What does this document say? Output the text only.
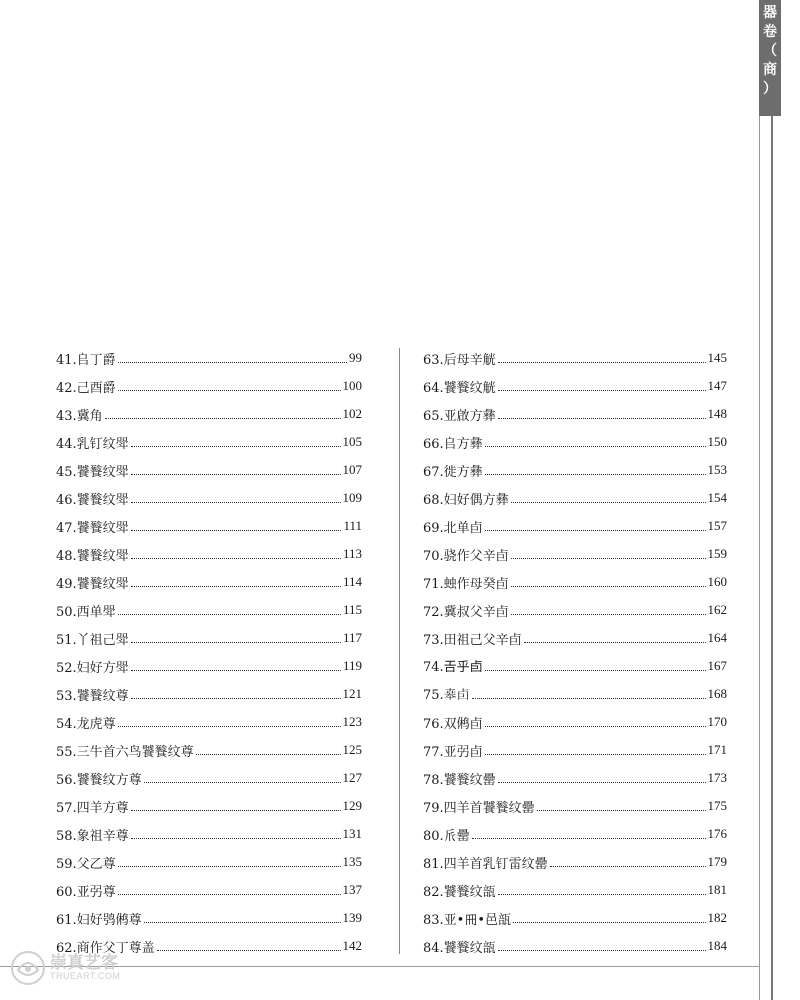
器
卷
（
商
）
41.𠂤丁爵	99
42.己酉爵	100
43.冀角	102
44.乳钉纹斝	105
45.饕餮纹斝	107
46.饕餮纹斝	109
47.饕餮纹斝	111
48.饕餮纹斝	113
49.饕餮纹斝	114
50.西单斝	115
51.丫祖己斝	117
52.妇好方斝	119
53.饕餮纹尊	121
54.龙虎尊	123
55.三牛首六鸟饕餮纹尊	125
56.饕餮纹方尊	127
57.四羊方尊	129
58.象祖辛尊	131
59.父乙尊	135
60.亚弜尊	137
61.妇好鸮鸺尊	139
62.商作父丁尊盖	142
63.后母辛觥	145
64.饕餮纹觥	147
65.亚啟方彝	148
66.𠂤方彝	150
67.徙方彝	153
68.妇好偶方彝	154
69.北单卣	157
70.骁作父辛卣	159
71.䖵作母癸卣	160
72.冀叔父辛卣	162
73.田祖己父辛卣	164
74.𢀛乎卣	167
75.𠦪卣	168
76.双鸺卣	170
77.亚弜卣	171
78.饕餮纹罍	173
79.四羊首饕餮纹罍	175
80.𠂢罍	176
81.四羊首乳钉雷纹罍	179
82.饕餮纹瓿	181
83.亚•𠕁•邑瓿	182
84.饕餮纹瓿	184
崇真艺客
TRUEART.COM
